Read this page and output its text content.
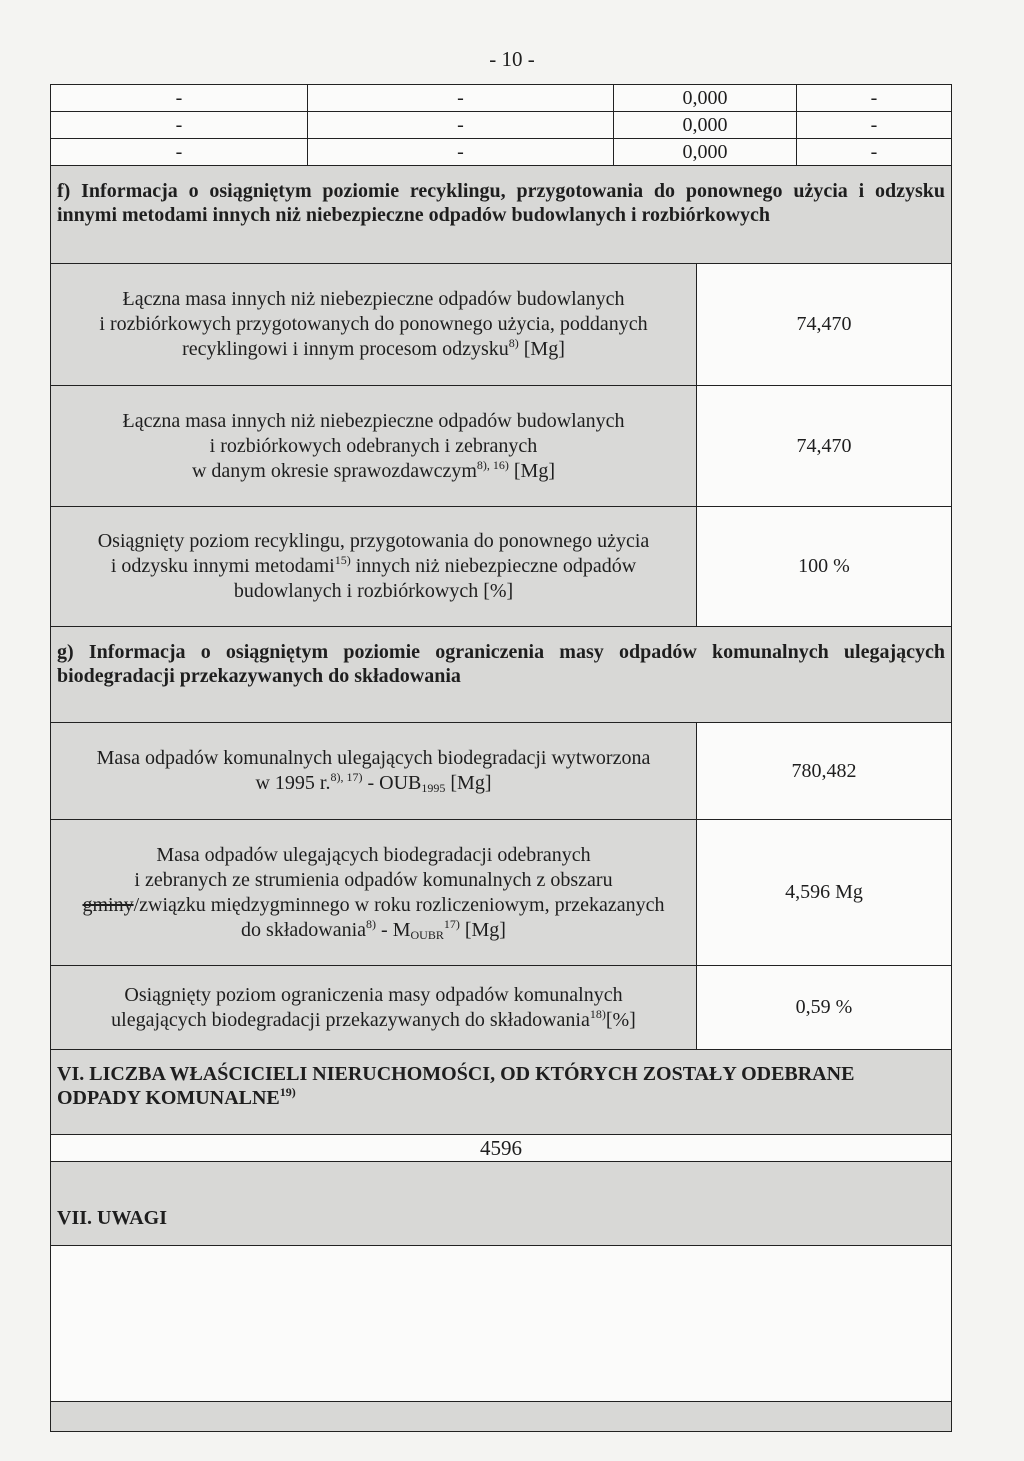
- 10 -
-	-	0,000	-
-	-	0,000	-
-	-	0,000	-
f) Informacja o osiągniętym poziomie recyklingu, przygotowania do ponownego użycia i odzysku
innymi metodami innych niż niebezpieczne odpadów budowlanych i rozbiórkowych
Łączna masa innych niż niebezpieczne odpadów budowlanych
i rozbiórkowych przygotowanych do ponownego użycia, poddanych
recyklingowi i innym procesom odzysku$^{8)}$ [Mg]
74,470
Łączna masa innych niż niebezpieczne odpadów budowlanych
i rozbiórkowych odebranych i zebranych
w danym okresie sprawozdawczym$^{8), 16)}$ [Mg]
74,470
Osiągnięty poziom recyklingu, przygotowania do ponownego użycia
i odzysku innymi metodami$^{15)}$ innych niż niebezpieczne odpadów
budowlanych i rozbiórkowych [%]
100 %
g) Informacja o osiągniętym poziomie ograniczenia masy odpadów komunalnych ulegających
biodegradacji przekazywanych do składowania
Masa odpadów komunalnych ulegających biodegradacji wytworzona
w 1995 $r.^{8), 17)} - OUB_{1995}$ [Mg]
780,482
Masa odpadów ulegających biodegradacji odebranych
i zebranych ze strumienia odpadów komunalnych z obszaru
gminy/związku międzygminnego w roku rozliczeniowym, przekazanych
do składowania$^{8)}$ - $M_{OUBR}^{17)}$ [Mg]
4,596 Mg
Osiągnięty poziom ograniczenia masy odpadów komunalnych
ulegających biodegradacji przekazywanych do składowania$^{18)}$[%]
0,59 %
VI. LICZBA WŁAŚCICIELI NIERUCHOMOŚCI, OD KTÓRYCH ZOSTAŁY ODEBRANE
ODPADY KOMUNALNE$^{19)}$
4596
VII. UWAGI
